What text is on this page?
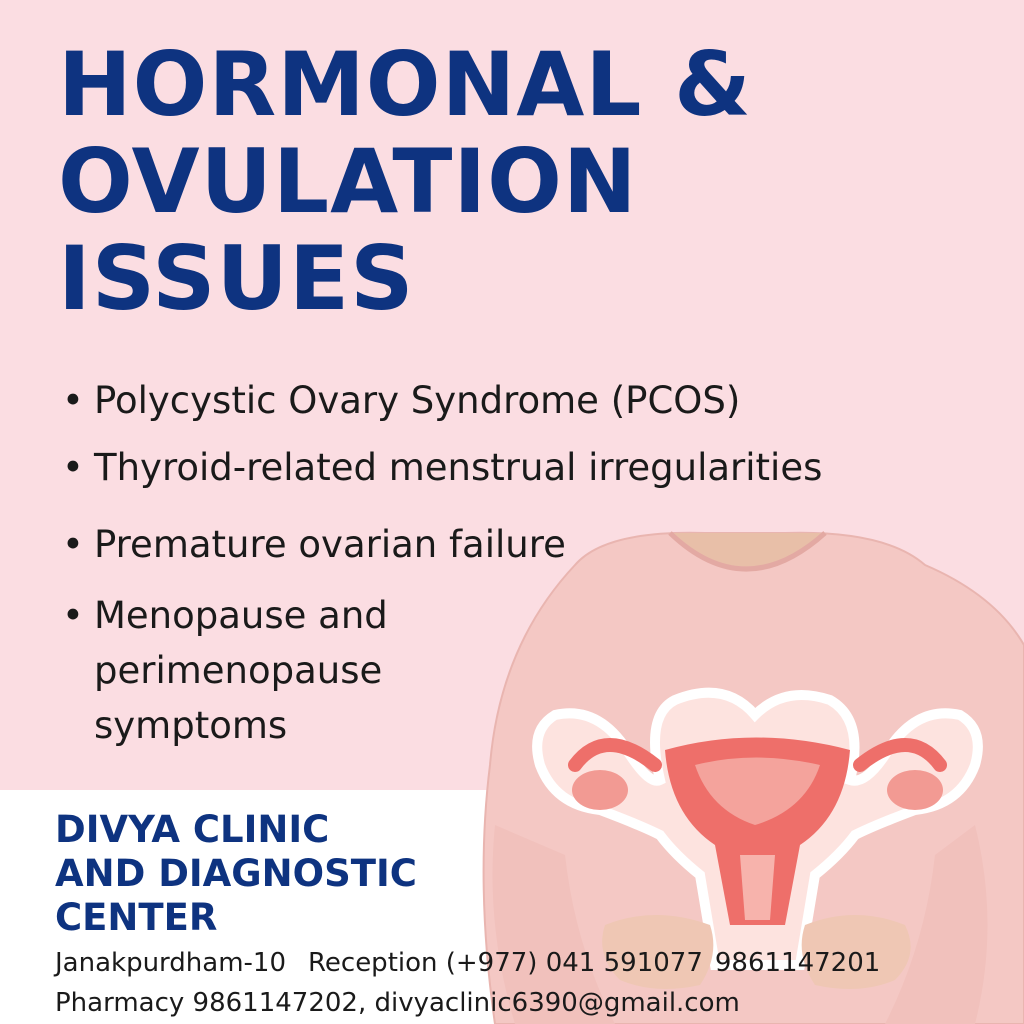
HORMONAL &
OVULATION
ISSUES
• Polycystic Ovary Syndrome (PCOS)
• Thyroid-related menstrual irregularities
• Premature ovarian failure
• Menopause and perimenopause symptoms
DIVYA CLINIC
AND DIAGNOSTIC
CENTER
Janakpurdham-10 Reception (+977) 041 591077 9861147201
Pharmacy 9861147202, divyaclinic6390@gmail.com
